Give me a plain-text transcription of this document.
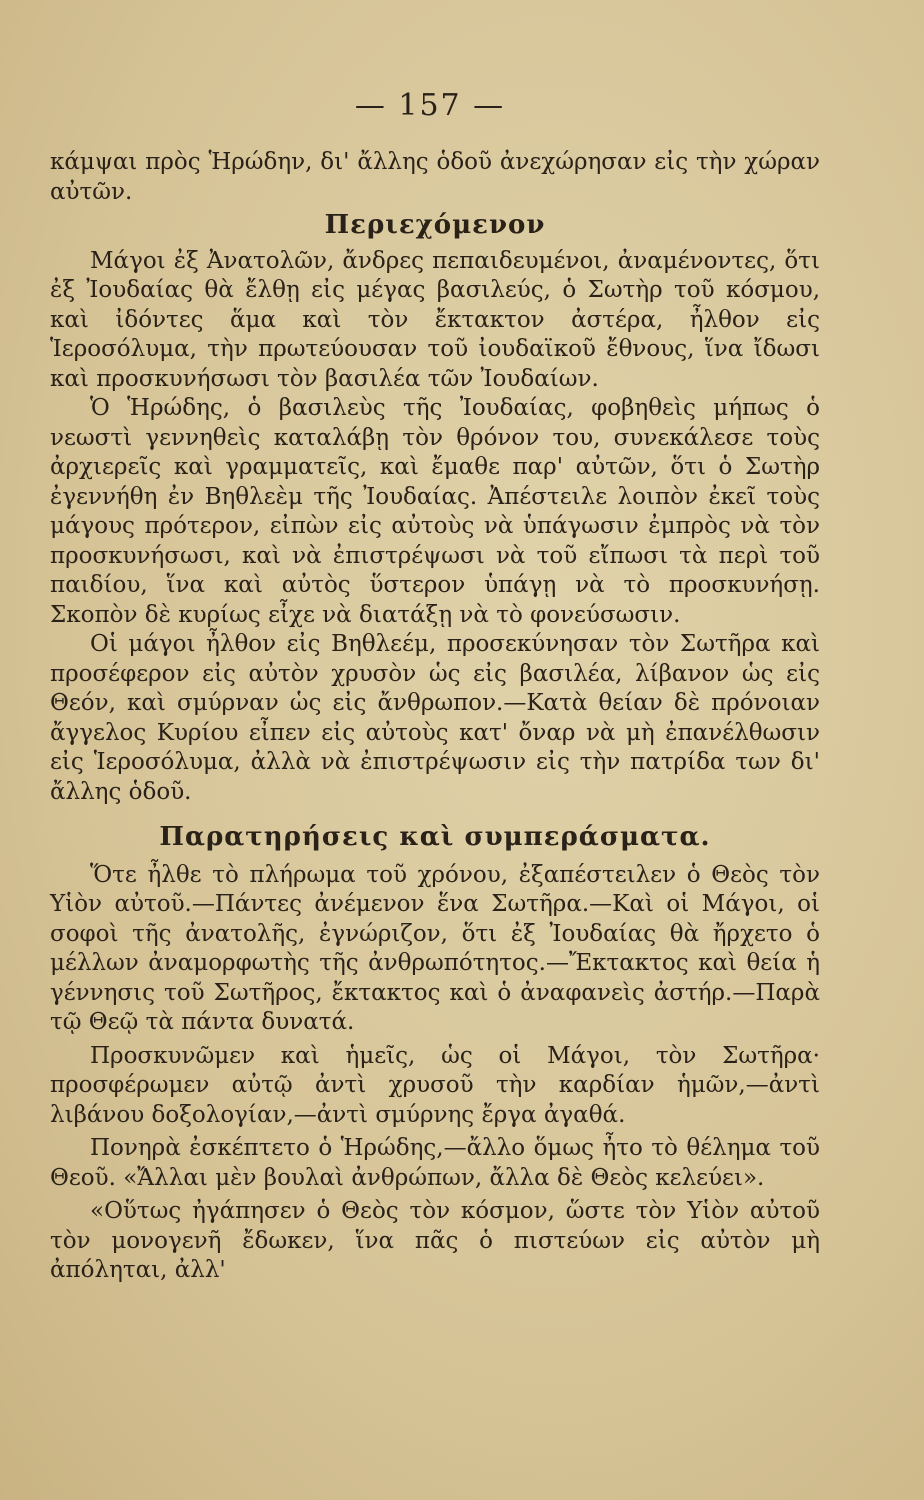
— 157 —

κάμψαι πρὸς Ἡρώδην, δι' ἄλλης ὁδοῦ ἀνεχώρησαν εἰς τὴν χώραν αὐτῶν.

Περιεχόμενον

Μάγοι ἐξ Ἀνατολῶν, ἄνδρες πεπαιδευμένοι, ἀναμένοντες, ὅτι ἐξ Ἰουδαίας θὰ ἔλθῃ εἰς μέγας βασιλεύς, ὁ Σωτὴρ τοῦ κόσμου, καὶ ἰδόντες ἅμα καὶ τὸν ἔκτακτον ἀστέρα, ἦλθον εἰς Ἱεροσόλυμα, τὴν πρωτεύουσαν τοῦ ἰουδαϊκοῦ ἔθνους, ἵνα ἴδωσι καὶ προσκυνήσωσι τὸν βασιλέα τῶν Ἰουδαίων.

Ὁ Ἡρώδης, ὁ βασιλεὺς τῆς Ἰουδαίας, φοβηθεὶς μήπως ὁ νεωστὶ γεννηθεὶς καταλάβῃ τὸν θρόνον του, συνεκάλεσε τοὺς ἀρχιερεῖς καὶ γραμματεῖς, καὶ ἔμαθε παρ' αὐτῶν, ὅτι ὁ Σωτὴρ ἐγεννήθη ἐν Βηθλεὲμ τῆς Ἰουδαίας. Ἀπέστειλε λοιπὸν ἐκεῖ τοὺς μάγους πρότερον, εἰπὼν εἰς αὐτοὺς νὰ ὑπάγωσιν ἐμπρὸς νὰ τὸν προσκυνήσωσι, καὶ νὰ ἐπιστρέψωσι νὰ τοῦ εἴπωσι τὰ περὶ τοῦ παιδίου, ἵνα καὶ αὐτὸς ὕστερον ὑπάγῃ νὰ τὸ προσκυνήσῃ. Σκοπὸν δὲ κυρίως εἶχε νὰ διατάξῃ νὰ τὸ φονεύσωσιν.

Οἱ μάγοι ἦλθον εἰς Βηθλεέμ, προσεκύνησαν τὸν Σωτῆρα καὶ προσέφερον εἰς αὐτὸν χρυσὸν ὡς εἰς βασιλέα, λίβανον ὡς εἰς Θεόν, καὶ σμύρναν ὡς εἰς ἄνθρωπον.—Κατὰ θείαν δὲ πρόνοιαν ἄγγελος Κυρίου εἶπεν εἰς αὐτοὺς κατ' ὄναρ νὰ μὴ ἐπανέλθωσιν εἰς Ἱεροσόλυμα, ἀλλὰ νὰ ἐπιστρέψωσιν εἰς τὴν πατρίδα των δι' ἄλλης ὁδοῦ.

Παρατηρήσεις καὶ συμπεράσματα.

Ὅτε ἦλθε τὸ πλήρωμα τοῦ χρόνου, ἐξαπέστειλεν ὁ Θεὸς τὸν Υἱὸν αὐτοῦ.—Πάντες ἀνέμενον ἕνα Σωτῆρα.—Καὶ οἱ Μάγοι, οἱ σοφοὶ τῆς ἀνατολῆς, ἐγνώριζον, ὅτι ἐξ Ἰουδαίας θὰ ἤρχετο ὁ μέλλων ἀναμορφωτὴς τῆς ἀνθρωπότητος.—Ἔκτακτος καὶ θεία ἡ γέννησις τοῦ Σωτῆρος, ἔκτακτος καὶ ὁ ἀναφανεὶς ἀστήρ.—Παρὰ τῷ Θεῷ τὰ πάντα δυνατά.

Προσκυνῶμεν καὶ ἡμεῖς, ὡς οἱ Μάγοι, τὸν Σωτῆρα· προσφέρωμεν αὐτῷ ἀντὶ χρυσοῦ τὴν καρδίαν ἡμῶν,—ἀντὶ λιβάνου δοξολογίαν,—ἀντὶ σμύρνης ἔργα ἀγαθά.

Πονηρὰ ἐσκέπτετο ὁ Ἡρώδης,—ἄλλο ὅμως ἦτο τὸ θέλημα τοῦ Θεοῦ. «Ἄλλαι μὲν βουλαὶ ἀνθρώπων, ἄλλα δὲ Θεὸς κελεύει».

«Οὕτως ἠγάπησεν ὁ Θεὸς τὸν κόσμον, ὥστε τὸν Υἱὸν αὐτοῦ τὸν μονογενῆ ἔδωκεν, ἵνα πᾶς ὁ πιστεύων εἰς αὐτὸν μὴ ἀπόληται, ἀλλ'
